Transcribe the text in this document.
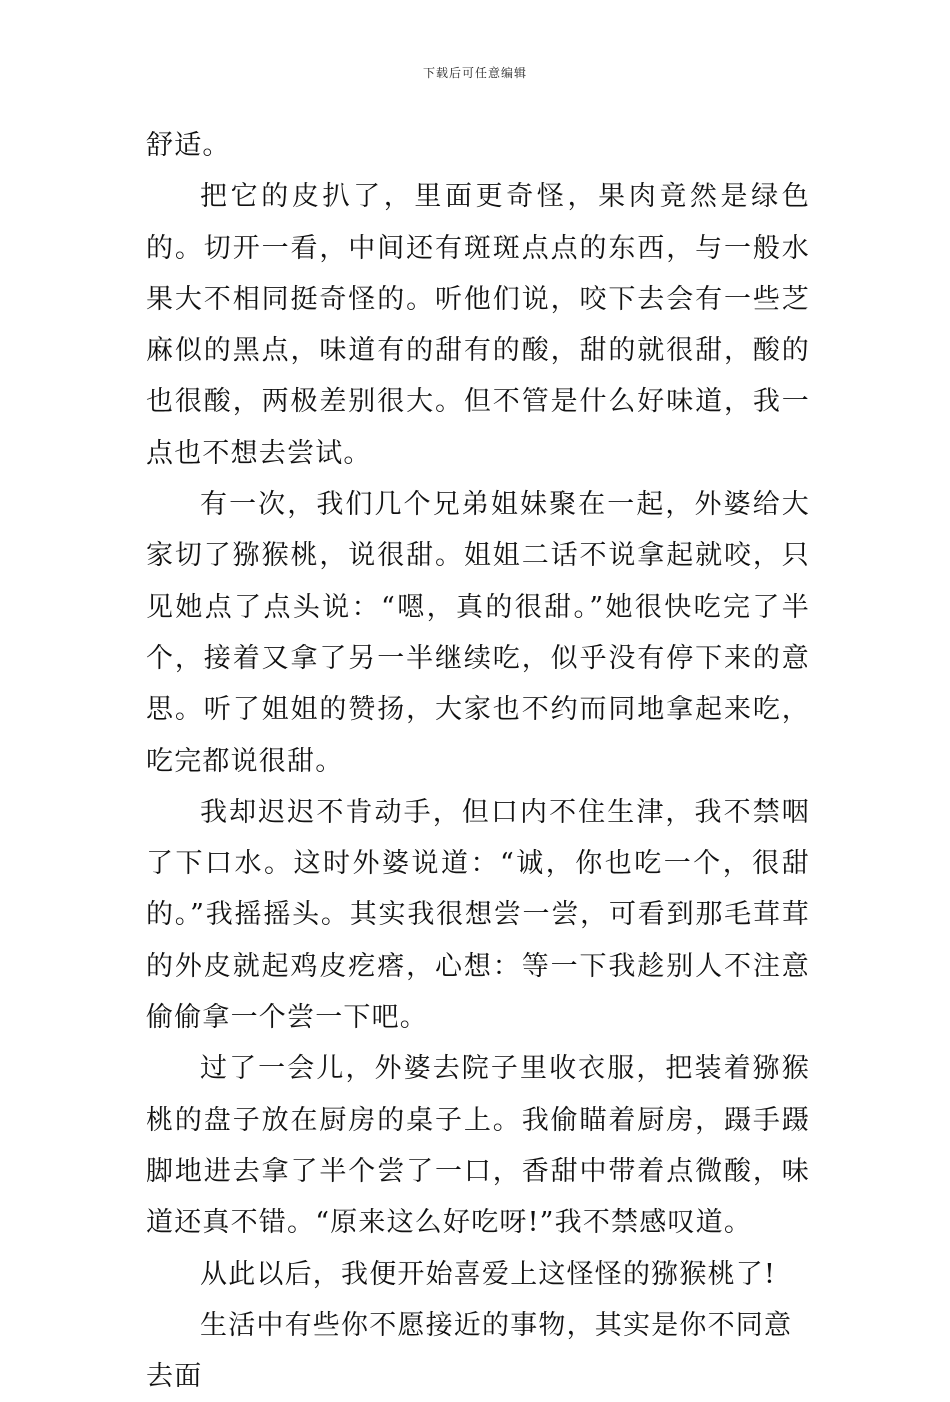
下载后可任意编辑

舒适。

把它的皮扒了，里面更奇怪，果肉竟然是绿色的。切开一看，中间还有斑斑点点的东西，与一般水果大不相同挺奇怪的。听他们说，咬下去会有一些芝麻似的黑点，味道有的甜有的酸，甜的就很甜，酸的也很酸，两极差别很大。但不管是什么好味道，我一点也不想去尝试。

有一次，我们几个兄弟姐妹聚在一起，外婆给大家切了猕猴桃，说很甜。姐姐二话不说拿起就咬，只见她点了点头说：“嗯，真的很甜。”她很快吃完了半个，接着又拿了另一半继续吃，似乎没有停下来的意思。听了姐姐的赞扬，大家也不约而同地拿起来吃，吃完都说很甜。

我却迟迟不肯动手，但口内不住生津，我不禁咽了下口水。这时外婆说道：“诚，你也吃一个，很甜的。”我摇摇头。其实我很想尝一尝，可看到那毛茸茸的外皮就起鸡皮疙瘩，心想：等一下我趁别人不注意偷偷拿一个尝一下吧。

过了一会儿，外婆去院子里收衣服，把装着猕猴桃的盘子放在厨房的桌子上。我偷瞄着厨房，蹑手蹑脚地进去拿了半个尝了一口，香甜中带着点微酸，味道还真不错。“原来这么好吃呀!”我不禁感叹道。

从此以后，我便开始喜爱上这怪怪的猕猴桃了!

生活中有些你不愿接近的事物，其实是你不同意去面
